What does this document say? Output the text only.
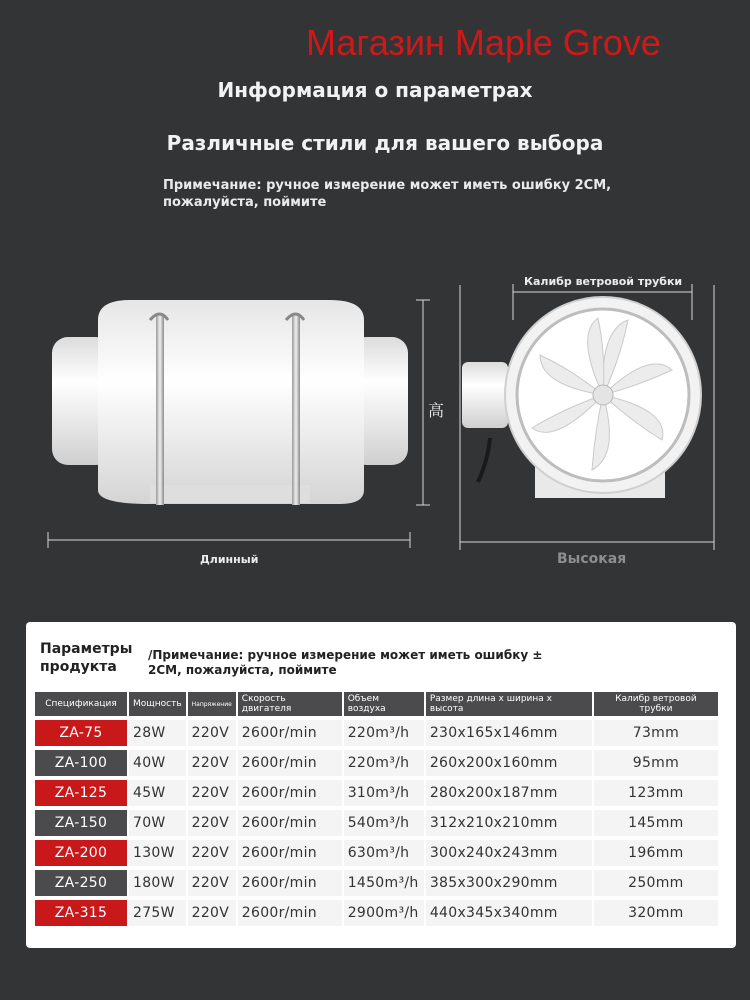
Магазин Maple Grove
Информация о параметрах
Различные стили для вашего выбора
Примечание: ручное измерение может иметь ошибку 2CM, пожалуйста, поймите
Длинный
高
Калибр ветровой трубки
Высокая
Параметры продукта
/Примечание: ручное измерение может иметь ошибку ± 2CM, пожалуйста, поймите
Спецификация	Мощность	Напряжение	Скорость двигателя	Объем воздуха	Размер длина x ширина x высота	Калибр ветровой трубки
ZA-75	28W	220V	2600r/min	220m³/h	230x165x146mm	73mm
ZA-100	40W	220V	2600r/min	220m³/h	260x200x160mm	95mm
ZA-125	45W	220V	2600r/min	310m³/h	280x200x187mm	123mm
ZA-150	70W	220V	2600r/min	540m³/h	312x210x210mm	145mm
ZA-200	130W	220V	2600r/min	630m³/h	300x240x243mm	196mm
ZA-250	180W	220V	2600r/min	1450m³/h	385x300x290mm	250mm
ZA-315	275W	220V	2600r/min	2900m³/h	440x345x340mm	320mm
